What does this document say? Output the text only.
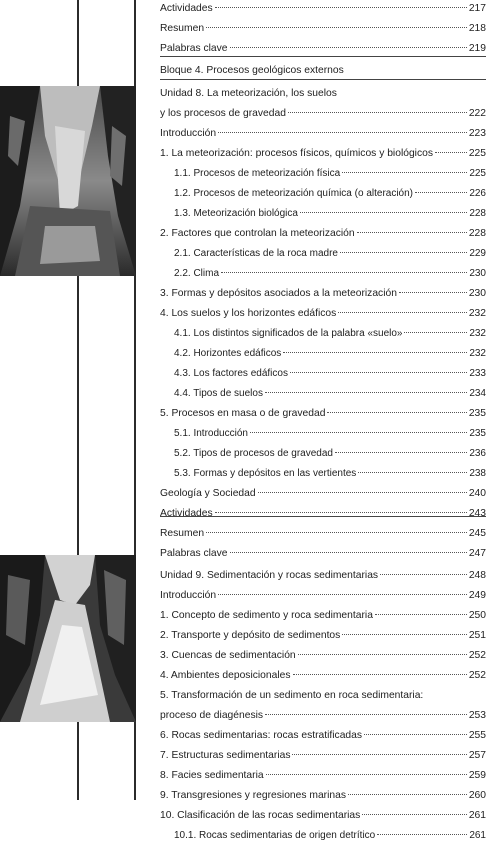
Actividades	217
Resumen	218
Palabras clave	219
Bloque 4. Procesos geológicos externos
Unidad 8. La meteorización, los suelos
y los procesos de gravedad	222
Introducción	223
1. La meteorización: procesos físicos, químicos y biológicos	225
1.1. Procesos de meteorización física	225
1.2. Procesos de meteorización química (o alteración)	226
1.3. Meteorización biológica	228
2. Factores que controlan la meteorización	228
2.1. Características de la roca madre	229
2.2. Clima	230
3. Formas y depósitos asociados a la meteorización	230
4. Los suelos y los horizontes edáficos	232
4.1. Los distintos significados de la palabra «suelo»	232
4.2. Horizontes edáficos	232
4.3. Los factores edáficos	233
4.4. Tipos de suelos	234
5. Procesos en masa o de gravedad	235
5.1. Introducción	235
5.2. Tipos de procesos de gravedad	236
5.3. Formas y depósitos en las vertientes	238
Geología y Sociedad	240
Actividades	243
Resumen	245
Palabras clave	247
Unidad 9. Sedimentación y rocas sedimentarias	248
Introducción	249
1. Concepto de sedimento y roca sedimentaria	250
2. Transporte y depósito de sedimentos	251
3. Cuencas de sedimentación	252
4. Ambientes deposicionales	252
5. Transformación de un sedimento en roca sedimentaria:
proceso de diagénesis	253
6. Rocas sedimentarias: rocas estratificadas	255
7. Estructuras sedimentarias	257
8. Facies sedimentaria	259
9. Transgresiones y regresiones marinas	260
10. Clasificación de las rocas sedimentarias	261
10.1. Rocas sedimentarias de origen detrítico	261
